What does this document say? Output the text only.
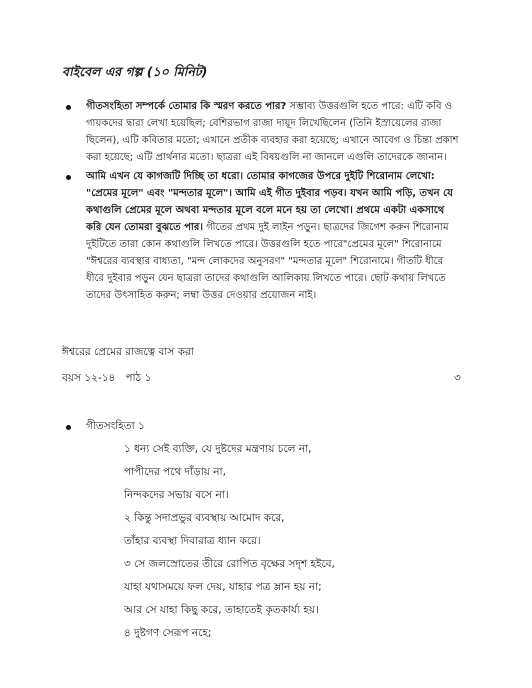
বাইবেল এর গল্প (১০ মিনিট)
গীতসংহিতা সম্পর্কে তোমার কি স্মরণ করতে পার? সম্ভাব্য উত্তরগুলি হতে পারে: এটি কবি ও গায়কদের দ্বারা লেখা হয়েছিল; বেশিরভাগ রাজা দায়ূদ লিখেছিলেন (তিনি ইস্রায়েলের রাজা ছিলেন), এটি কবিতার মতো; এখানে প্রতীক ব্যবহার করা হয়েছে; এখানে আবেগ ও চিন্তা প্রকাশ করা হয়েছে; এটি প্রার্থনার মতো। ছাত্ররা এই বিষয়গুলি না জানলে এগুলি তাদেরকে জানান।
আমি এখন যে কাগজটি দিচ্ছি তা ধরো। তোমার কাগজের উপরে দুইটি শিরোনাম লেখো: "প্রেমের মূলে" এবং "মন্দতার মূলে"। আমি এই গীত দুইবার পড়ব। যখন আমি পড়ি, তখন যে কথাগুলি প্রেমের মূলে অথবা মন্দতার মূলে বলে মনে হয় তা লেখো। প্রথমে একটা একসাথে করি যেন তোমরা বুঝতে পার। গীতের প্রথম দুই লাইন পড়ুন। ছাত্রদের জিগেশ করুন শিরোনাম দুইটিতে তারা কোন কথাগুলি লিখতে পারে। উত্তরগুলি হতে পারে"প্রেমের মূলে" শিরোনামে "ঈশ্বরের ব্যবস্থার বাধ্যতা, "মন্দ লোকদের অনুসরণ" "মন্দতার মূলে" শিরোনামে। গীতটি ধীরে ধীরে দুইবার পড়ুন যেন ছাত্ররা তাদের কথাগুলি আলিকায় লিখতে পারে। ছোট কথায় লিখতে তাদের উৎসাহিত করুন; লম্বা উত্তর দেওয়ার প্রয়োজন নাই।
ঈশ্বরের প্রেমের রাজত্বে বাস করা
বয়স ১২-১৪   পাঠ ১	৩
গীতসংহিতা ১
১ ধন্য সেই ব্যক্তি, যে দুষ্টদের মন্ত্রণায় চলে না,
পাপীদের পথে দাঁড়ায় না,
নিন্দকদের সভায় বসে না।
২ কিন্তু সদাপ্রভুর ব্যবস্থায় আমোদ করে,
তাঁহার ব্যবস্থা দিবারাত্র ধ্যান করে।
৩ সে জলস্রোতের তীরে রোপিত বৃক্ষের সদৃশ হইবে,
যাহা যথাসময়ে ফল দেয়, যাহার পত্র ম্লান হয় না;
আর সে যাহা কিছু করে, তাহাতেই কৃতকার্য্য হয়।
৪ দুষ্টগণ সেরূপ নহে;
